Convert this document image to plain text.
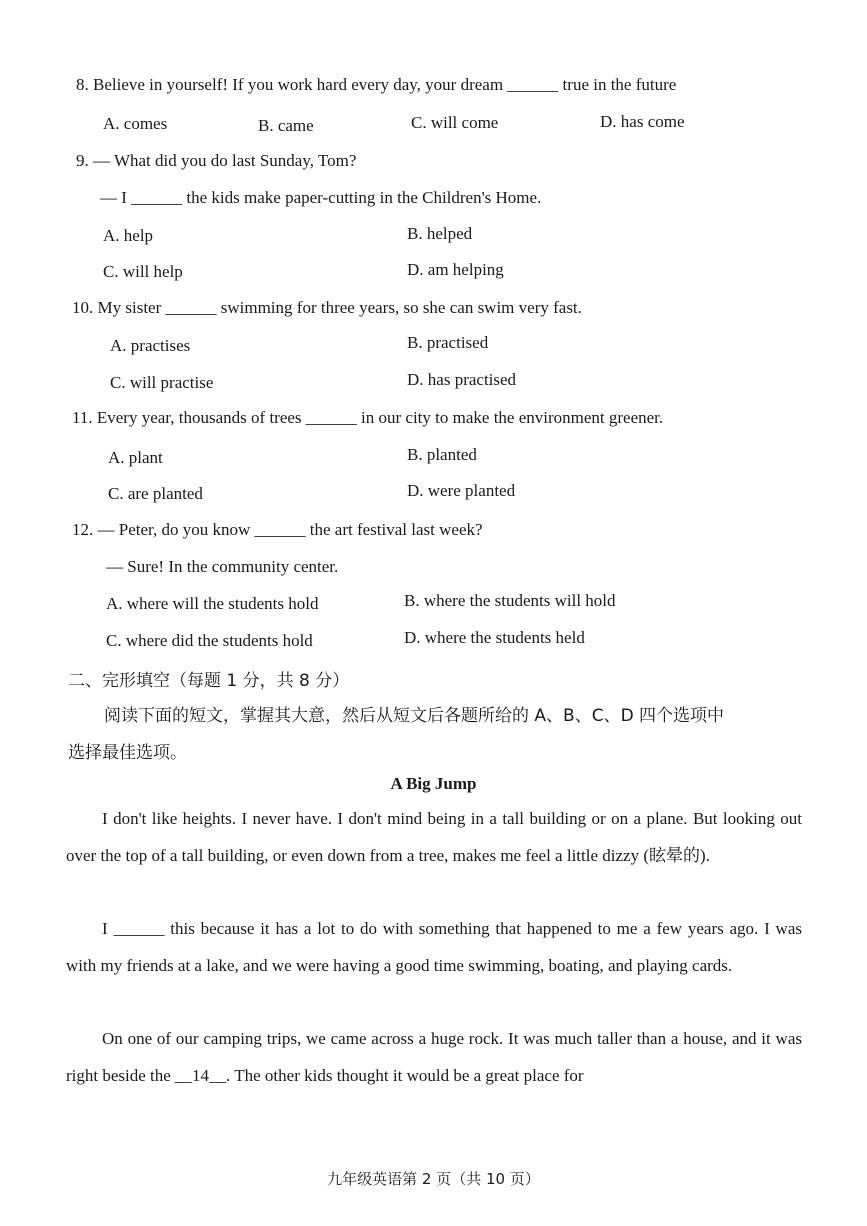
8. Believe in yourself! If you work hard every day, your dream ______ true in the future
A. comes	B. came	C. will come	D. has come
9. — What did you do last Sunday, Tom?
— I ______ the kids make paper-cutting in the Children's Home.
A. help	B. helped
C. will help	D. am helping
10. My sister ______ swimming for three years, so she can swim very fast.
A. practises	B. practised
C. will practise	D. has practised
11. Every year, thousands of trees ______ in our city to make the environment greener.
A. plant	B. planted
C. are planted	D. were planted
12. — Peter, do you know ______ the art festival last week?
— Sure! In the community center.
A. where will the students hold	B. where the students will hold
C. where did the students hold	D. where the students held
二、完形填空（每题 1 分，共 8 分）
阅读下面的短文，掌握其大意，然后从短文后各题所给的 A、B、C、D 四个选项中
选择最佳选项。
A Big Jump
I don't like heights. I never have. I don't mind being in a tall building or on a plane. But looking out over the top of a tall building, or even down from a tree, makes me feel a little dizzy (眩晕的).
I ______ this because it has a lot to do with something that happened to me a few years ago. I was with my friends at a lake, and we were having a good time swimming, boating, and playing cards.
On one of our camping trips, we came across a huge rock. It was much taller than a house, and it was right beside the __14__. The other kids thought it would be a great place for
九年级英语第 2 页（共 10 页）
